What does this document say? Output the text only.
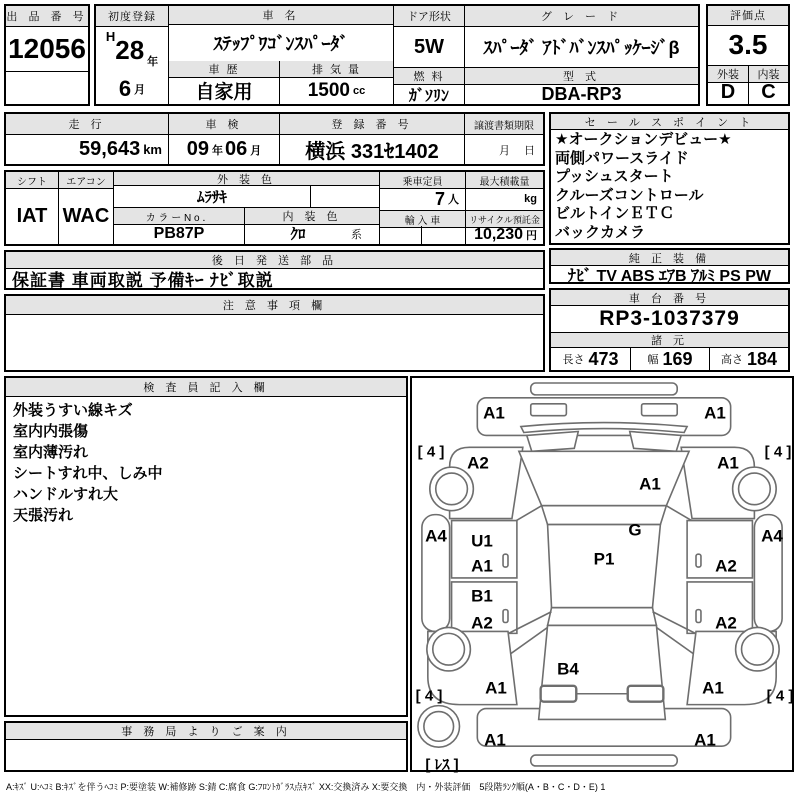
出 品 番 号
12056
初度登録
H 28 年
6 月
車 名
ｽﾃｯﾌﾟﾜｺﾞﾝｽﾊﾟｰﾀﾞ
車 歴	排 気 量
自家用	1500 cc
ドア形状
5W
燃 料
ｶﾞｿﾘﾝ
グ レ ー ド
ｽﾊﾟｰﾀﾞ ｱﾄﾞﾊﾞﾝｽﾊﾟｯｹｰｼﾞβ
型 式
DBA-RP3
評価点
3.5
外装	内装
D	C
走 行
59,643 km
車 検
09 年 06 月
登 録 番 号
横浜 331ｾ1402
譲渡書類期限
月 日
セ ー ル ス ポ イ ン ト
★オークションデビュー★
両側パワースライド
プッシュスタート
クルーズコントロール
ビルトインＥＴＣ
バックカメラ
シフト
IAT
エアコン
WAC
外 装 色
ﾑﾗｻｷ
カ ラ ー N o ．	内 装 色
PB87P	ｸﾛ	系
乗車定員	最大積載量
7 人	kg
輸 入 車	リサイクル預託金
10,230 円
後 日 発 送 部 品
保証書 車両取説 予備ｷｰ ﾅﾋﾞ取説
純 正 装 備
ﾅﾋﾞ TV ABS ｴｱB ｱﾙﾐ PS PW
注 意 事 項 欄
車 台 番 号
RP3-1037379
諸 元
長さ 473	幅 169	高さ 184
検 査 員 記 入 欄
外装うすい線キズ
室内内張傷
室内薄汚れ
シートすれ中、しみ中
ハンドルすれ大
天張汚れ
事 務 局 よ り ご 案 内
A1	A1
A2	A1
A1
G
P1
A4	A4
U1
A1	A2
B1
A2	A2
B4
A1	A1
A1	A1
[ 4 ]	[ 4 ]
[ 4 ]	[ 4 ]
[ ﾚｽ ]
A:ｷｽﾞ U:ﾍｺﾐ B:ｷｽﾞを伴うﾍｺﾐ P:要塗装 W:補修跡 S:錆 C:腐食 G:ﾌﾛﾝﾄｶﾞﾗｽ点ｷｽﾞ XX:交換済み X:要交換　内・外装評価　5段階ﾗﾝｸ順(A・B・C・D・E) 1
